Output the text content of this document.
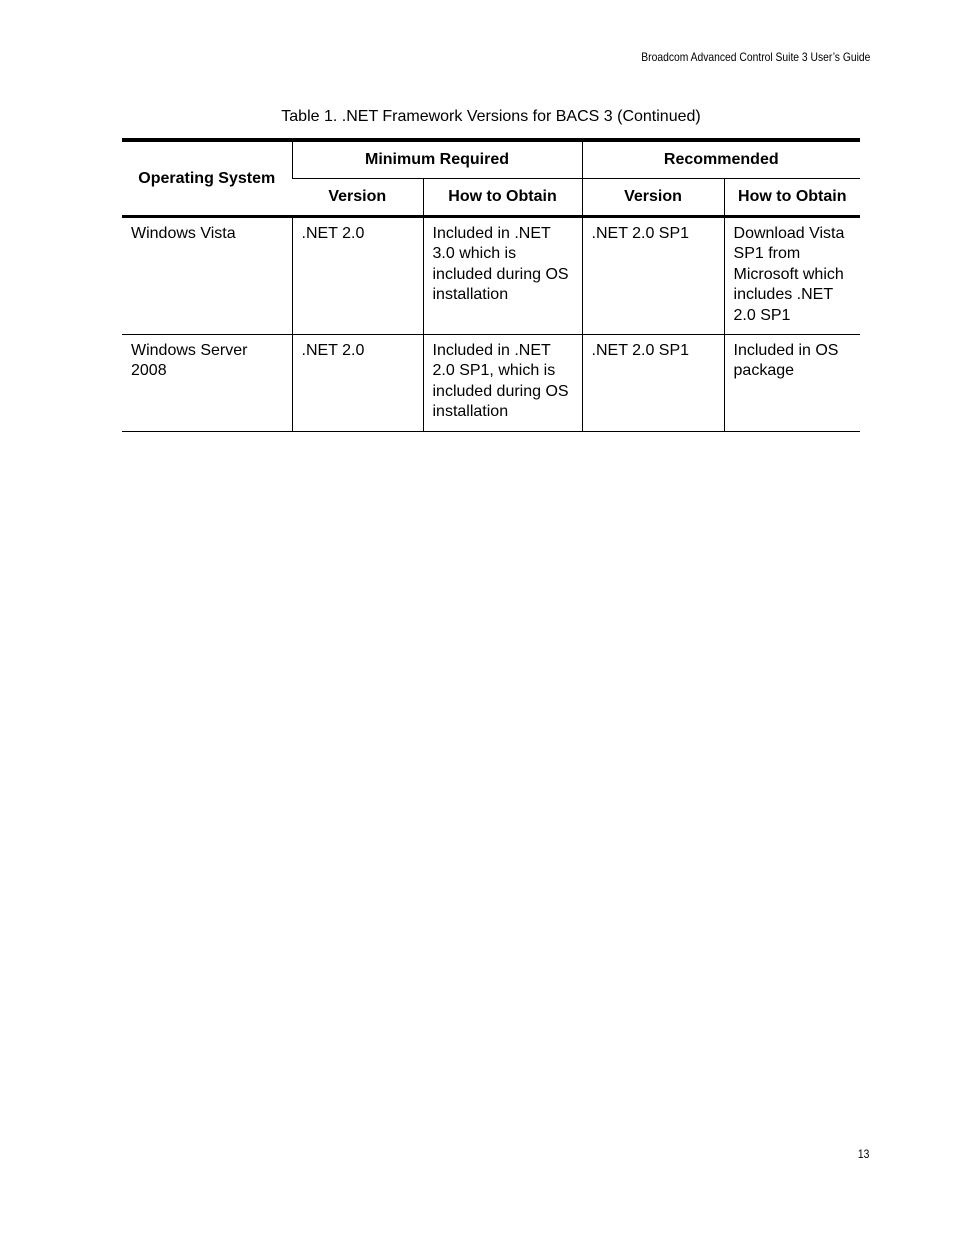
Broadcom Advanced Control Suite 3 User’s Guide
Table 1. .NET Framework Versions for BACS 3 (Continued)
Operating System	Minimum Required		Recommended	
	Version	How to Obtain	Version	How to Obtain
Windows Vista	.NET 2.0	Included in .NET 3.0 which is included during OS installation	.NET 2.0 SP1	Download Vista SP1 from Microsoft which includes .NET 2.0 SP1
Windows Server 2008	.NET 2.0	Included in .NET 2.0 SP1, which is included during OS installation	.NET 2.0 SP1	Included in OS package
13
